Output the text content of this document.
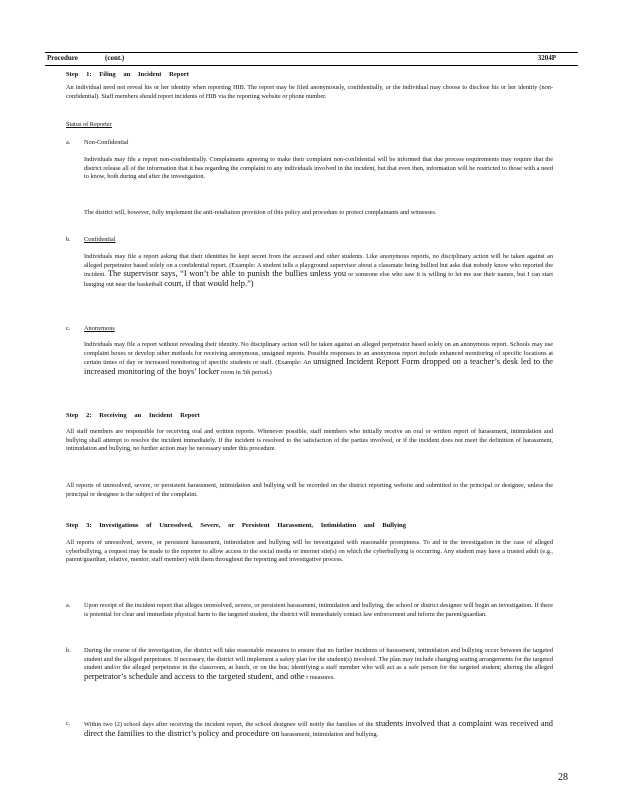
Procedure	(cont.)	3204P
Step 1: Filing an Incident Report
An individual need not reveal his or her identity when reporting HIB. The report may be filed anonymously, confidentially, or the individual may choose to disclose his or her identity (non-confidential). Staff members should report incidents of HIB via the reporting website or phone number.
Status of Reporter
a. Non-Confidential
Individuals may file a report non-confidentially. Complainants agreeing to make their complaint non-confidential will be informed that due process requirements may require that the district release all of the information that it has regarding the complaint to any individuals involved in the incident, but that even then, information will be restricted to those with a need to know, both during and after the investigation.
The district will, however, fully implement the anti-retaliation provision of this policy and procedure to protect complainants and witnesses.
b. Confidential
Individuals may file a report asking that their identities be kept secret from the accused and other students. Like anonymous reports, no disciplinary action will be taken against an alleged perpetrator based solely on a confidential report. (Example: A student tells a playground supervisor about a classmate being bullied but asks that nobody know who reported the incident. The supervisor says, “I won’t be able to punish the bullies unless you or someone else who saw it is willing to let me use their names, but I can start hanging out near the basketball court, if that would help.”)
c. Anonymous
Individuals may file a report without revealing their identity. No disciplinary action will be taken against an alleged perpetrator based solely on an anonymous report. Schools may use complaint boxes or develop other methods for receiving anonymous, unsigned reports. Possible responses to an anonymous report include enhanced monitoring of specific locations at certain times of day or increased monitoring of specific students or staff. (Example: An unsigned Incident Report Form dropped on a teacher’s desk led to the increased monitoring of the boys’ locker room in 5th period.)
Step 2: Receiving an Incident Report
All staff members are responsible for receiving oral and written reports. Whenever possible, staff members who initially receive an oral or written report of harassment, intimidation and bullying shall attempt to resolve the incident immediately. If the incident is resolved to the satisfaction of the parties involved, or if the incident does not meet the definition of harassment, intimidation and bullying, no further action may be necessary under this procedure.
All reports of unresolved, severe, or persistent harassment, intimidation and bullying will be recorded on the district reporting website and submitted to the principal or designee, unless the principal or designee is the subject of the complaint.
Step 3: Investigations of Unresolved, Severe, or Persistent Harassment, Intimidation and Bullying
All reports of unresolved, severe, or persistent harassment, intimidation and bullying will be investigated with reasonable promptness. To aid in the investigation in the case of alleged cyberbullying, a request may be made to the reporter to allow access to the social media or internet site(s) on which the cyberbullying is occurring. Any student may have a trusted adult (e.g., parent/guardian, relative, mentor, staff member) with them throughout the reporting and investigative process.
a. Upon receipt of the incident report that alleges unresolved, severe, or persistent harassment, intimidation and bullying, the school or district designee will begin an investigation. If there is potential for clear and immediate physical harm to the targeted student, the district will immediately contact law enforcement and inform the parent/guardian.
b. During the course of the investigation, the district will take reasonable measures to ensure that no further incidents of harassment, intimidation and bullying occur between the targeted student and the alleged perpetrator. If necessary, the district will implement a safety plan for the student(s) involved. The plan may include changing seating arrangements for the targeted student and/or the alleged perpetrator in the classroom, at lunch, or on the bus; identifying a staff member who will act as a safe person for the targeted student; altering the alleged perpetrator’s schedule and access to the targeted student, and othe r measures.
c. Within two (2) school days after receiving the incident report, the school designee will notify the families of the students involved that a complaint was received and direct the families to the district’s policy and procedure on harassment, intimidation and bullying.
28
